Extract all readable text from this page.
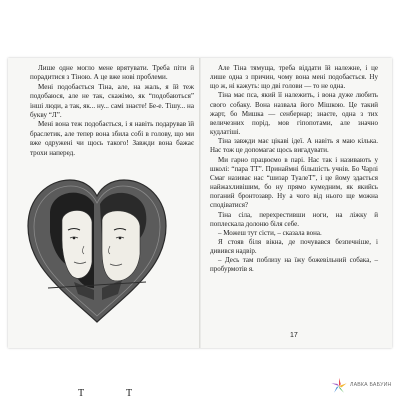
Лише одне могло мене врятувати. Треба піти й порадитися з Тіною. А це вже нові проблеми.

Мені подобається Тіна, але, на жаль, я їй теж подобаюся, але не так, скажімо, як “подобаються” інші люди, а так, як... ну... самі знаєте! Бе-е. Тішу... на букву “Л”.

Мені вона теж подобається, і я навіть подарував їй браслетик, але тепер вона збила собі в голову, що ми вже одружені чи щось такого! Завжди вона бажає трохи наперед.

Т	Т

Але Тіна тямуща, треба віддати їй належне, і це лише одна з причин, чому вона мені подобається. Ну що ж, ні кажуть: що дві голови — то не одна.

Тіна має пса, який її належить, і вона дуже любить свого собаку. Вона назвала його Мішкою. Це такий жарт, бо Мишка — сенбернар; знаєте, одна з тих величезних порід, мов гіпопотами, але значно кудлатіші.

Тіна завжди має цікаві ідеї. А навіть я маю кілька. Нас тож це допомагає щось вигадувати.

Ми гарно працюємо в парі. Нас так і називають у школі: “пара ТТ”. Принаймні більшість учнів. Бо Чарлі Смаг називає нас “шизар ТуалеТ”, і це йому здається найжахливішим, бо ну прямо кумедним, як якийсь поганий бронтозавр. Ну а чого від нього ще можна сподіватися?

Тіна сіла, перехрестивши ноги, на ліжку й поплескала долоню біля себе.

– Можеш тут сісти, – сказала вона.

Я стояв біля вікна, де почувався безпечніше, і дивився надвір.

– Десь там поблизу на їжу божевільний собака, – пробурмотів я.

17
ЛАВКА БАБУИН
